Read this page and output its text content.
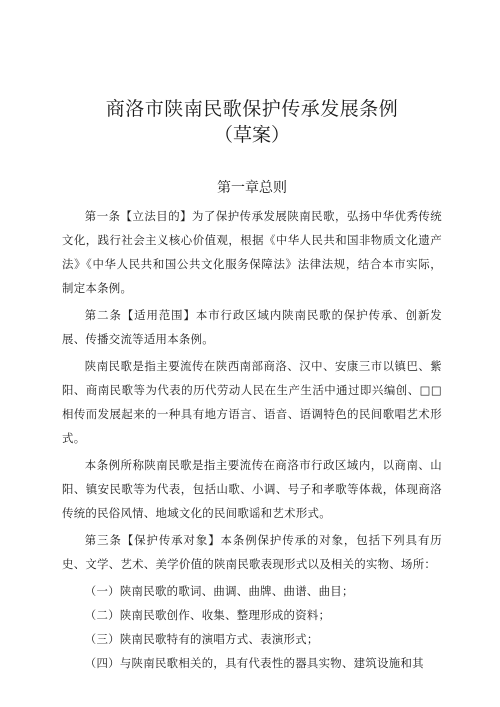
商洛市陕南民歌保护传承发展条例
（草案）
第一章总则

第一条【立法目的】为了保护传承发展陕南民歌，弘扬中华优秀传统文化，践行社会主义核心价值观，根据《中华人民共和国非物质文化遗产法》《中华人民共和国公共文化服务保障法》法律法规，结合本市实际，制定本条例。

第二条【适用范围】本市行政区域内陕南民歌的保护传承、创新发展、传播交流等适用本条例。

陕南民歌是指主要流传在陕西南部商洛、汉中、安康三市以镇巴、紫阳、商南民歌等为代表的历代劳动人民在生产生活中通过即兴编创、□□相传而发展起来的一种具有地方语言、语音、语调特色的民间歌唱艺术形式。

本条例所称陕南民歌是指主要流传在商洛市行政区域内，以商南、山阳、镇安民歌等为代表，包括山歌、小调、号子和孝歌等体裁，体现商洛传统的民俗风情、地域文化的民间歌谣和艺术形式。

第三条【保护传承对象】本条例保护传承的对象，包括下列具有历史、文学、艺术、美学价值的陕南民歌表现形式以及相关的实物、场所：

（一）陕南民歌的歌词、曲调、曲牌、曲谱、曲目；

（二）陕南民歌创作、收集、整理形成的资料；

（三）陕南民歌特有的演唱方式、表演形式；

（四）与陕南民歌相关的，具有代表性的器具实物、建筑设施和其
